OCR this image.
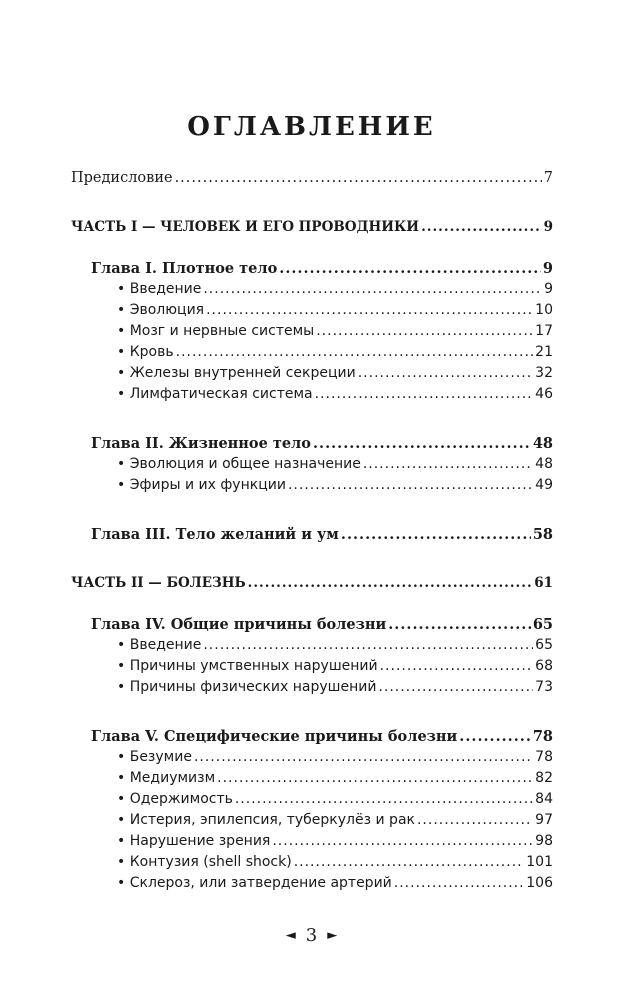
ОГЛАВЛЕНИЕ
Предисловие .....	7
ЧАСТЬ I — ЧЕЛОВЕК И ЕГО ПРОВОДНИКИ .....	9
Глава I. Плотное тело .....	9
• Введение .....	9
• Эволюция .....	10
• Мозг и нервные системы .....	17
• Кровь .....	21
• Железы внутренней секреции .....	32
• Лимфатическая система .....	46
Глава II. Жизненное тело .....	48
• Эволюция и общее назначение .....	48
• Эфиры и их функции .....	49
Глава III. Тело желаний и ум .....	58
ЧАСТЬ II — БОЛЕЗНЬ .....	61
Глава IV. Общие причины болезни .....	65
• Введение .....	65
• Причины умственных нарушений .....	68
• Причины физических нарушений .....	73
Глава V. Специфические причины болезни .....	78
• Безумие .....	78
• Медиумизм .....	82
• Одержимость .....	84
• Истерия, эпилепсия, туберкулёз и рак .....	97
• Нарушение зрения .....	98
• Контузия (shell shock) .....	101
• Склероз, или затвердение артерий .....	106
◄ 3 ►
